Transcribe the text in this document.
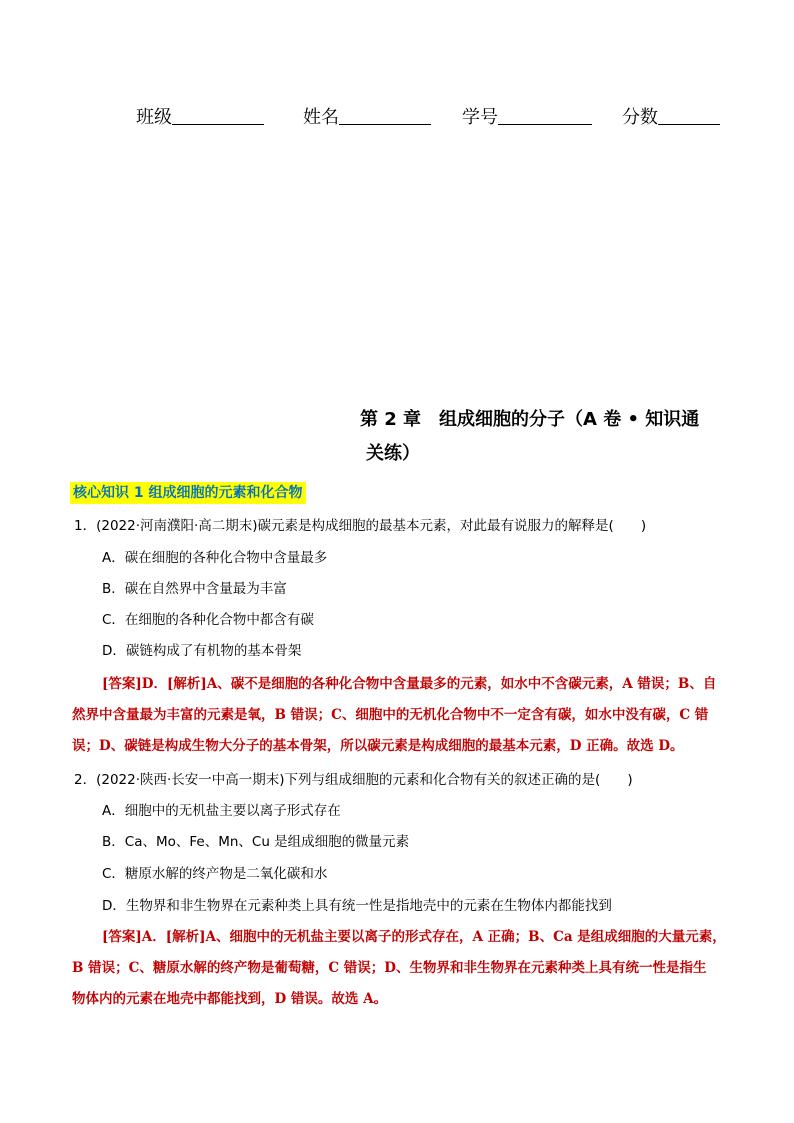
班级	姓名	学号	分数
第 2 章　组成细胞的分子（A 卷 • 知识通
关练）
核心知识 1 组成细胞的元素和化合物
1．(2022·河南濮阳·高二期末)碳元素是构成细胞的最基本元素，对此最有说服力的解释是(　　)
A．碳在细胞的各种化合物中含量最多
B．碳在自然界中含量最为丰富
C．在细胞的各种化合物中都含有碳
D．碳链构成了有机物的基本骨架
[答案]D．[解析]A、碳不是细胞的各种化合物中含量最多的元素，如水中不含碳元素，A 错误；B、自
然界中含量最为丰富的元素是氧，B 错误；C、细胞中的无机化合物中不一定含有碳，如水中没有碳，C 错
误；D、碳链是构成生物大分子的基本骨架，所以碳元素是构成细胞的最基本元素，D 正确。故选 D。
2．(2022·陕西·长安一中高一期末)下列与组成细胞的元素和化合物有关的叙述正确的是(　　)
A．细胞中的无机盐主要以离子形式存在
B．Ca、Mo、Fe、Mn、Cu 是组成细胞的微量元素
C．糖原水解的终产物是二氧化碳和水
D．生物界和非生物界在元素种类上具有统一性是指地壳中的元素在生物体内都能找到
[答案]A．[解析]A、细胞中的无机盐主要以离子的形式存在，A 正确；B、Ca 是组成细胞的大量元素，
B 错误；C、糖原水解的终产物是葡萄糖，C 错误；D、生物界和非生物界在元素种类上具有统一性是指生
物体内的元素在地壳中都能找到，D 错误。故选 A。
